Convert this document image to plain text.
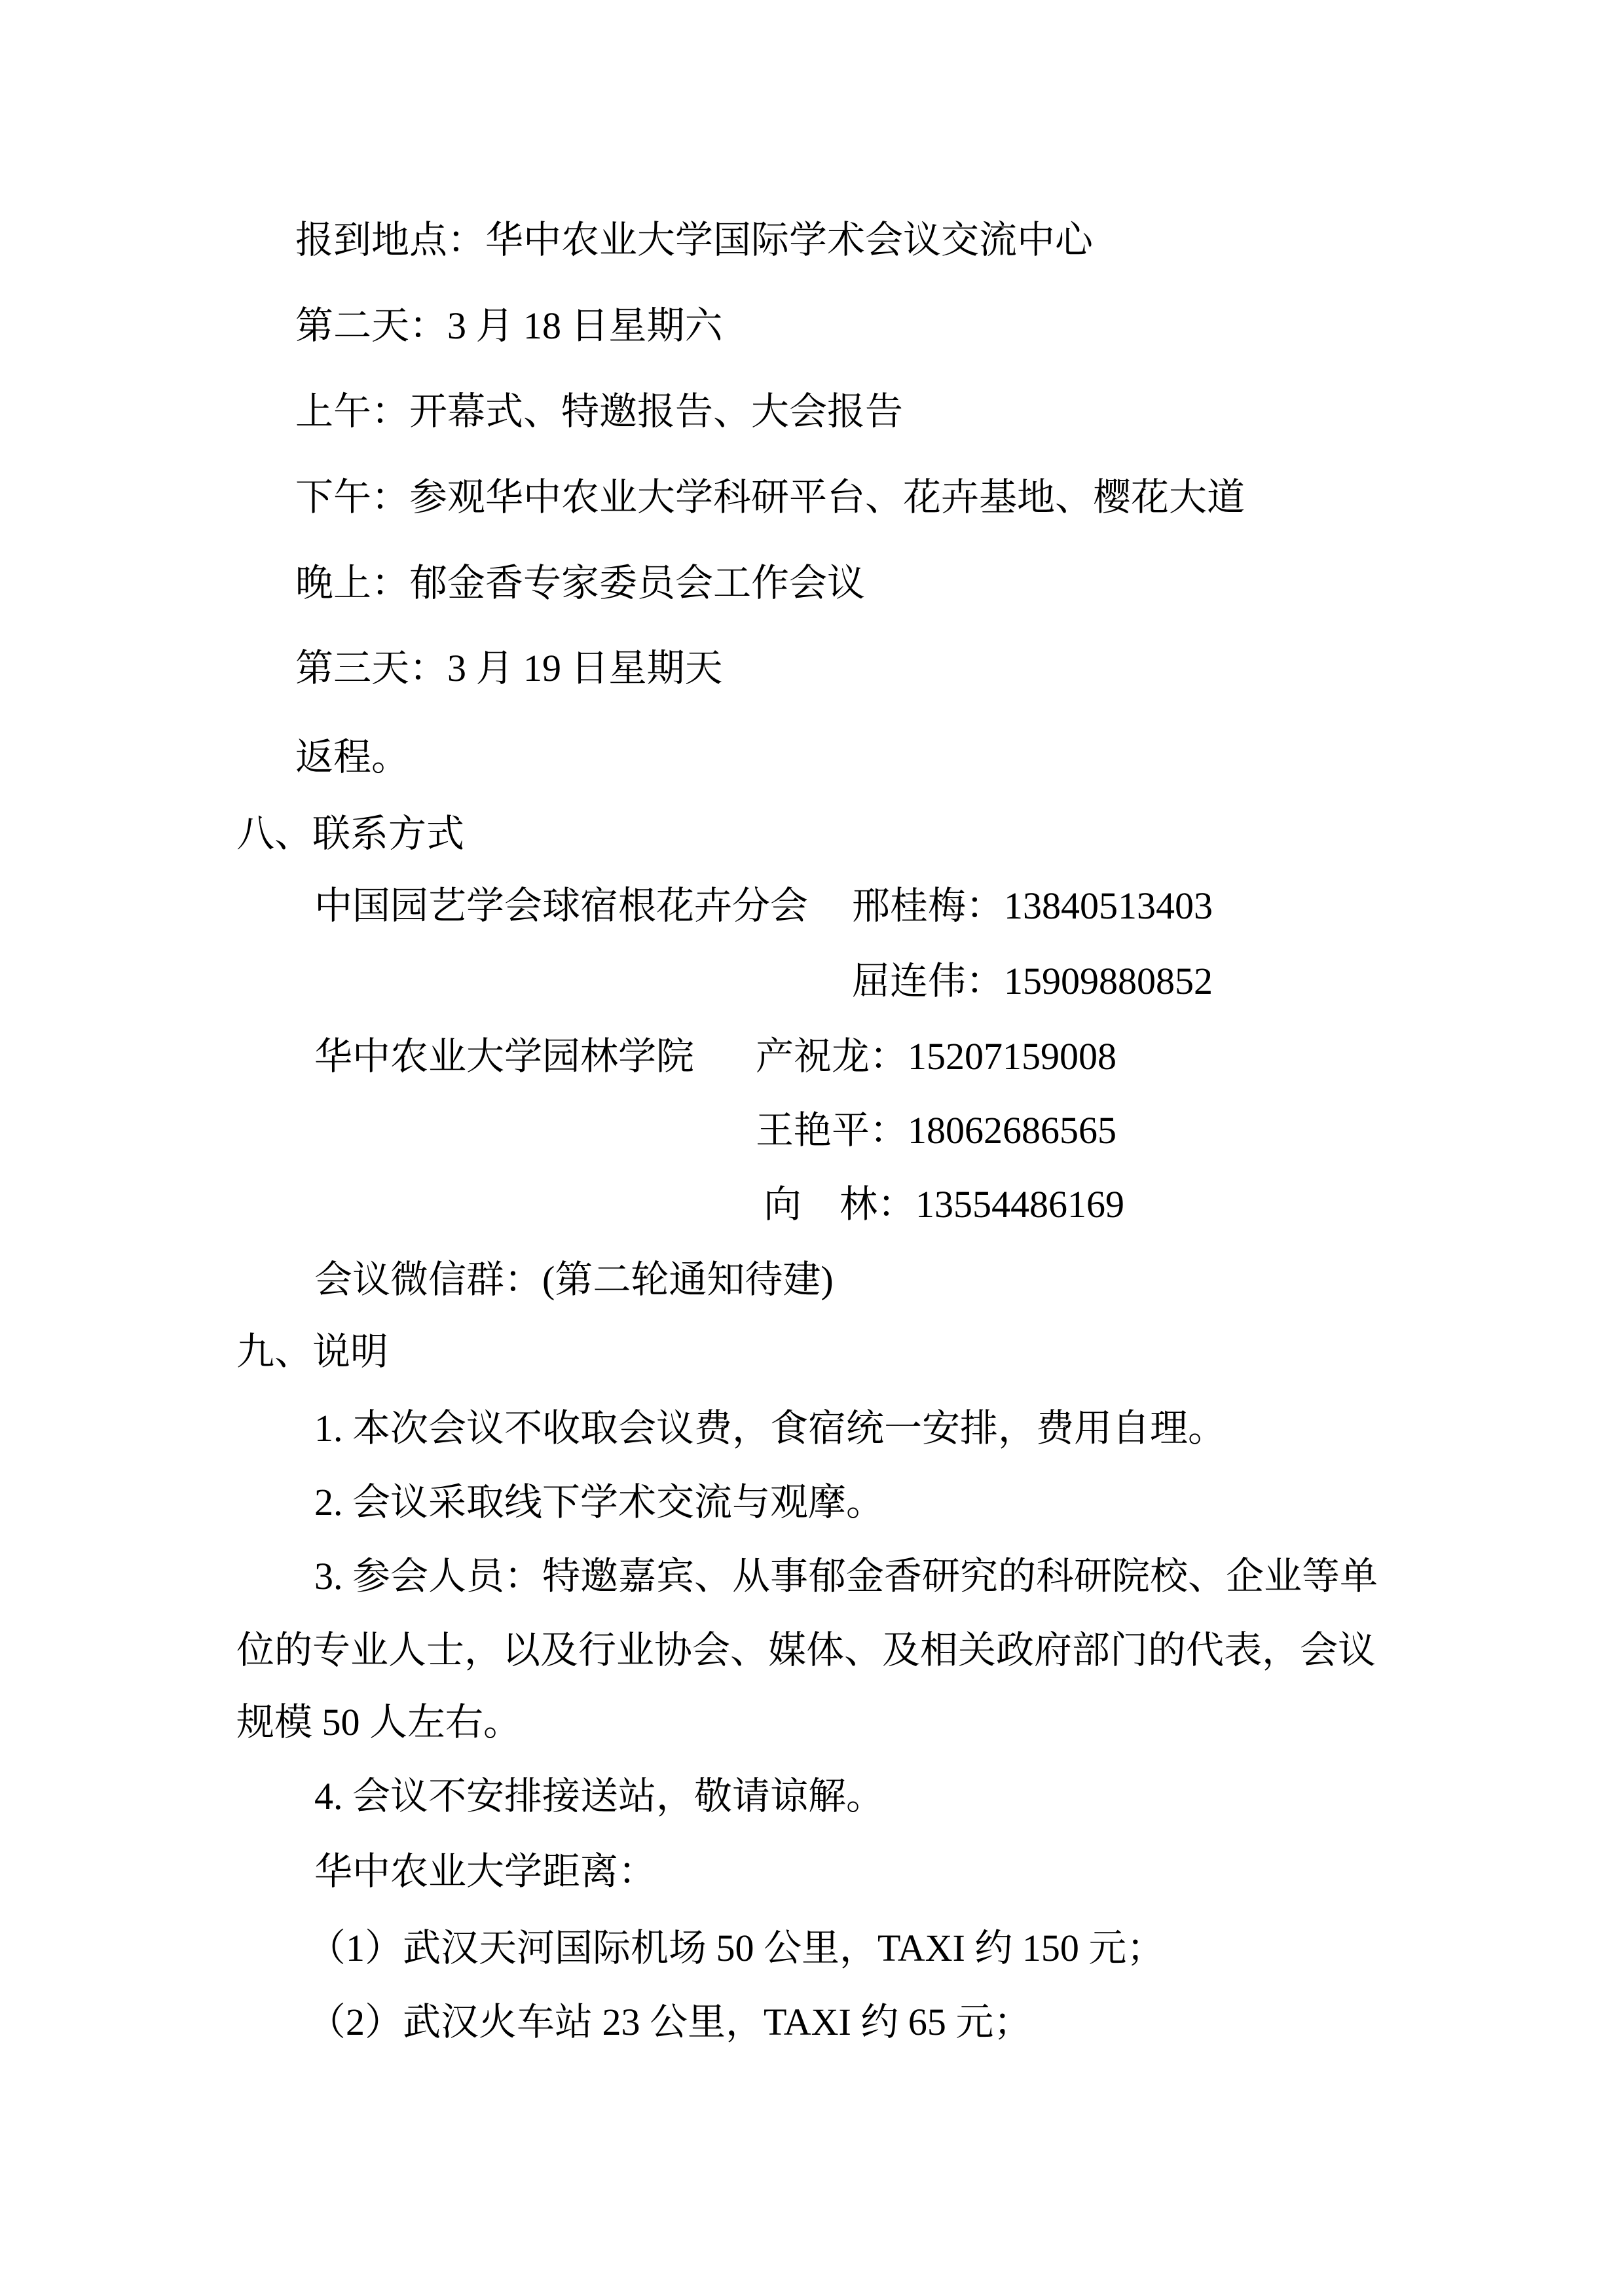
报到地点：华中农业大学国际学术会议交流中心
第二天：3 月 18 日星期六
上午：开幕式、特邀报告、大会报告
下午：参观华中农业大学科研平台、花卉基地、樱花大道
晚上：郁金香专家委员会工作会议
第三天：3 月 19 日星期天
返程。
八、联系方式
中国园艺学会球宿根花卉分会 邢桂梅：13840513403
屈连伟：15909880852
华中农业大学园林学院 产祝龙：15207159008
王艳平：18062686565
向　林：13554486169
会议微信群：(第二轮通知待建)
九、说明
1. 本次会议不收取会议费，食宿统一安排，费用自理。
2. 会议采取线下学术交流与观摩。
3. 参会人员：特邀嘉宾、从事郁金香研究的科研院校、企业等单
位的专业人士，以及行业协会、媒体、及相关政府部门的代表，会议
规模 50 人左右。
4. 会议不安排接送站，敬请谅解。
华中农业大学距离：
（1）武汉天河国际机场 50 公里，TAXI 约 150 元；
（2）武汉火车站 23 公里，TAXI 约 65 元；
